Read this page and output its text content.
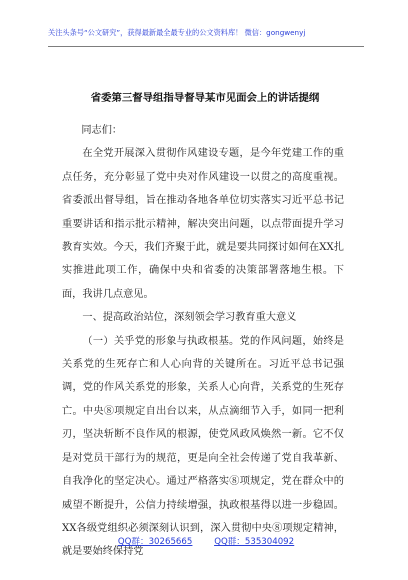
关注头条号“公文研究”，获得最新最全最专业的公文资料库！ 微信：gongwenyj
省委第三督导组指导督导某市见面会上的讲话提纲

同志们：

在全党开展深入贯彻作风建设专题，是今年党建工作的重点任务，充分彰显了党中央对作风建设一以贯之的高度重视。省委派出督导组，旨在推动各地各单位切实落实习近平总书记重要讲话和指示批示精神，解决突出问题，以点带面提升学习教育实效。今天，我们齐聚于此，就是要共同探讨如何在XX扎实推进此项工作，确保中央和省委的决策部署落地生根。下面，我讲几点意见。

一、提高政治站位，深刻领会学习教育重大意义

（一）关乎党的形象与执政根基。党的作风问题，始终是关系党的生死存亡和人心向背的关键所在。习近平总书记强调，党的作风关系党的形象，关系人心向背，关系党的生死存亡。中央⑧项规定自出台以来，从点滴细节入手，如同一把利刃，坚决斩断不良作风的根源，使党风政风焕然一新。它不仅是对党员干部行为的规范，更是向全社会传递了党自我革新、自我净化的坚定决心。通过严格落实⑧项规定，党在群众中的威望不断提升，公信力持续增强，执政根基得以进一步稳固。XX各级党组织必须深刻认识到，深入贯彻中央⑧项规定精神，就是要始终保持党

QQ群：30265665	QQ群：535304092
